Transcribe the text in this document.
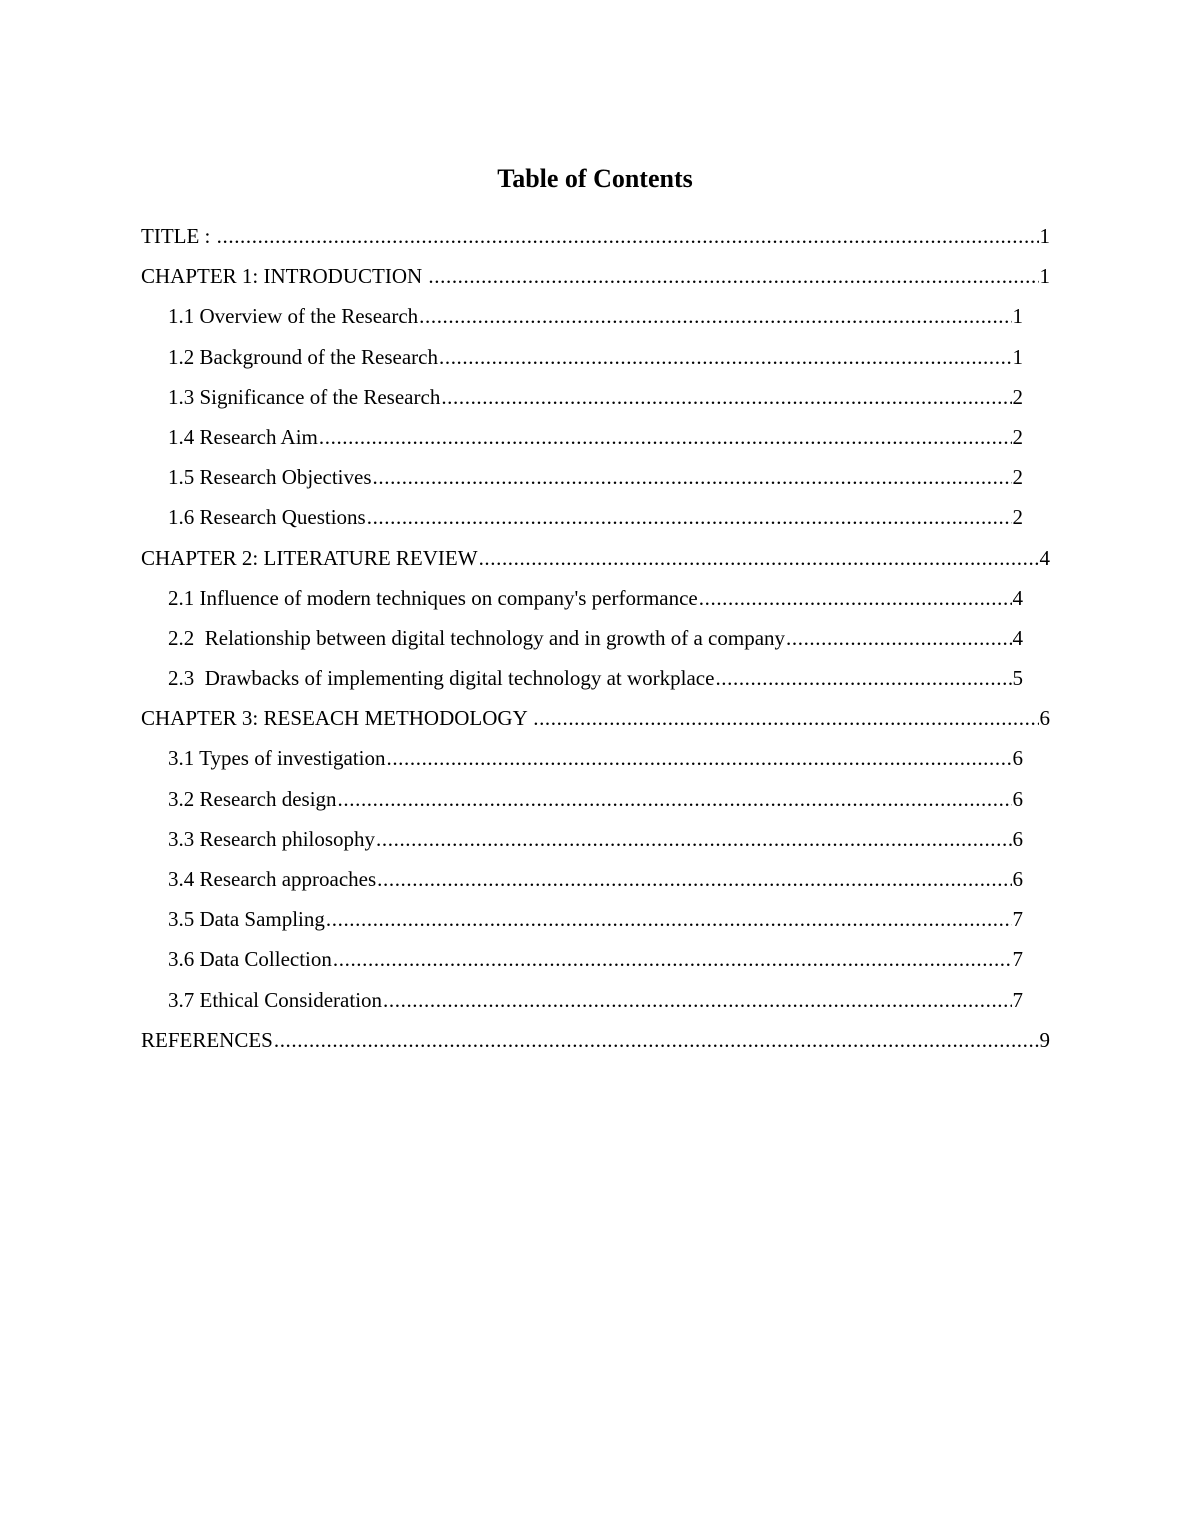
Table of Contents
TITLE : .....	1
CHAPTER 1: INTRODUCTION .....	1
1.1 Overview of the Research .....	1
1.2 Background of the Research .....	1
1.3 Significance of the Research .....	2
1.4 Research Aim .....	2
1.5 Research Objectives .....	2
1.6 Research Questions .....	2
CHAPTER 2: LITERATURE REVIEW .....	4
2.1 Influence of modern techniques on company's performance .....	4
2.2  Relationship between digital technology and in growth of a company .....	4
2.3  Drawbacks of implementing digital technology at workplace .....	5
CHAPTER 3: RESEACH METHODOLOGY .....	6
3.1 Types of investigation .....	6
3.2 Research design .....	6
3.3 Research philosophy .....	6
3.4 Research approaches .....	6
3.5 Data Sampling .....	7
3.6 Data Collection .....	7
3.7 Ethical Consideration .....	7
REFERENCES .....	9
